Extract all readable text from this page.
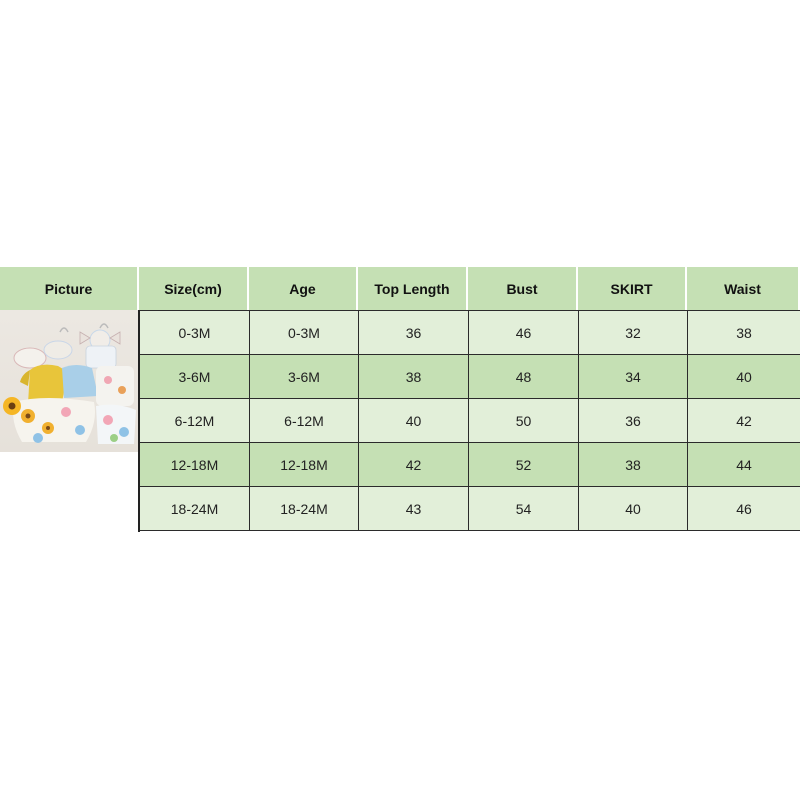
Picture	Size(cm)	Age	Top Length	Bust	SKIRT	Waist
0-3M	0-3M	36	46	32	38
3-6M	3-6M	38	48	34	40
6-12M	6-12M	40	50	36	42
12-18M	12-18M	42	52	38	44
18-24M	18-24M	43	54	40	46
